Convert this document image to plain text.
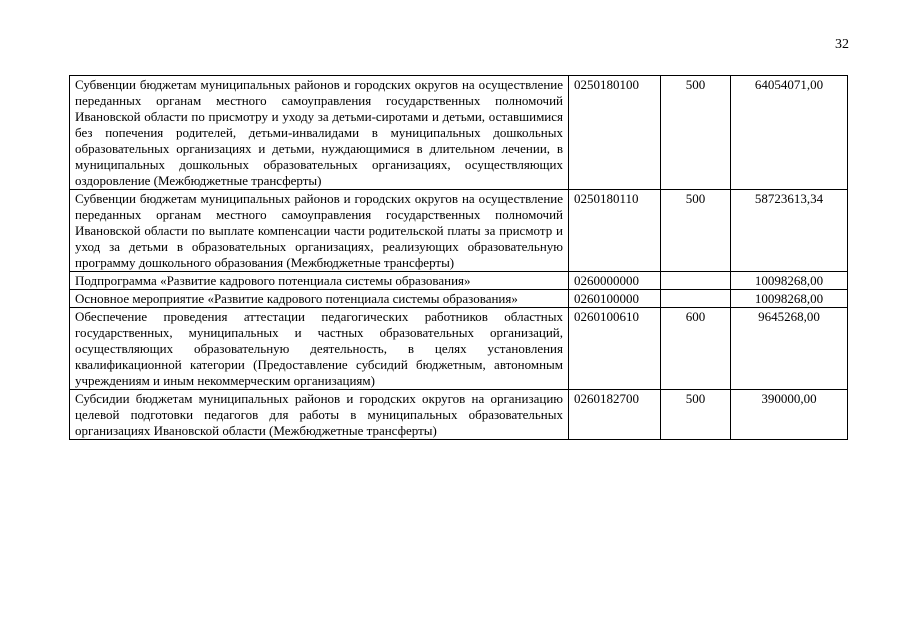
32
Субвенции бюджетам муниципальных районов и городских округов на осуществление переданных органам местного самоуправления государственных полномочий Ивановской области по присмотру и уходу за детьми-сиротами и детьми, оставшимися без попечения родителей, детьми-инвалидами в муниципальных дошкольных образовательных организациях и детьми, нуждающимися в длительном лечении, в муниципальных дошкольных образовательных организациях, осуществляющих оздоровление (Межбюджетные трансферты)	0250180100	500	64054071,00
Субвенции бюджетам муниципальных районов и городских округов на осуществление переданных органам местного самоуправления государственных полномочий Ивановской области по выплате компенсации части родительской платы за присмотр и уход за детьми в образовательных организациях, реализующих образовательную программу дошкольного образования (Межбюджетные трансферты)	0250180110	500	58723613,34
Подпрограмма «Развитие кадрового потенциала системы образования»	0260000000		10098268,00
Основное мероприятие «Развитие кадрового потенциала системы образования»	0260100000		10098268,00
Обеспечение проведения аттестации педагогических работников областных государственных, муниципальных и частных образовательных организаций, осуществляющих образовательную деятельность, в целях установления квалификационной категории (Предоставление субсидий бюджетным, автономным учреждениям и иным некоммерческим организациям)	0260100610	600	9645268,00
Субсидии бюджетам муниципальных районов и городских округов на организацию целевой подготовки педагогов для работы в муниципальных образовательных организациях Ивановской области (Межбюджетные трансферты)	0260182700	500	390000,00
